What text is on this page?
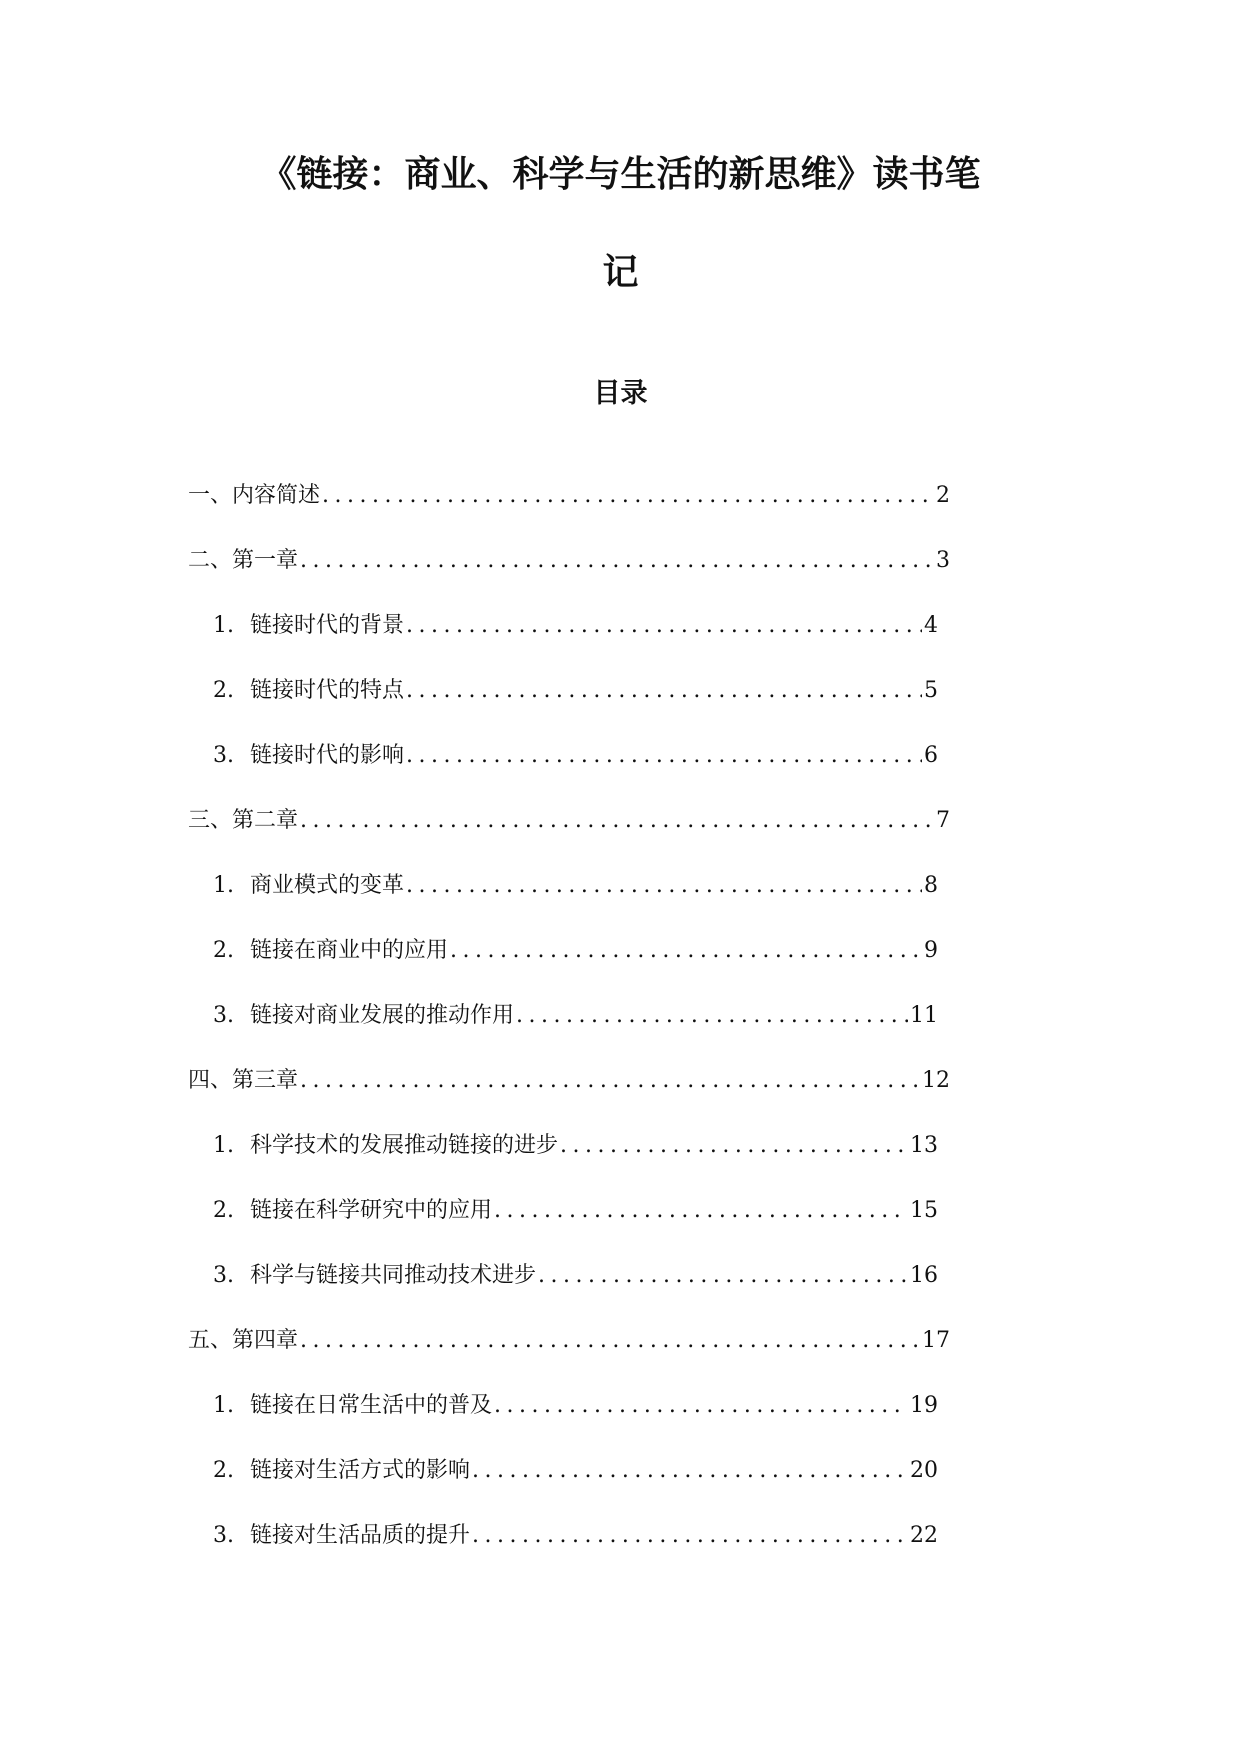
《链接：商业、科学与生活的新思维》读书笔
记
目录
一、内容简述 .....	2
二、第一章 .....	3
1. 链接时代的背景 .....	4
2. 链接时代的特点 .....	5
3. 链接时代的影响 .....	6
三、第二章 .....	7
1. 商业模式的变革 .....	8
2. 链接在商业中的应用 .....	9
3. 链接对商业发展的推动作用 .....	11
四、第三章 .....	12
1. 科学技术的发展推动链接的进步 .....	13
2. 链接在科学研究中的应用 .....	15
3. 科学与链接共同推动技术进步 .....	16
五、第四章 .....	17
1. 链接在日常生活中的普及 .....	19
2. 链接对生活方式的影响 .....	20
3. 链接对生活品质的提升 .....	22
